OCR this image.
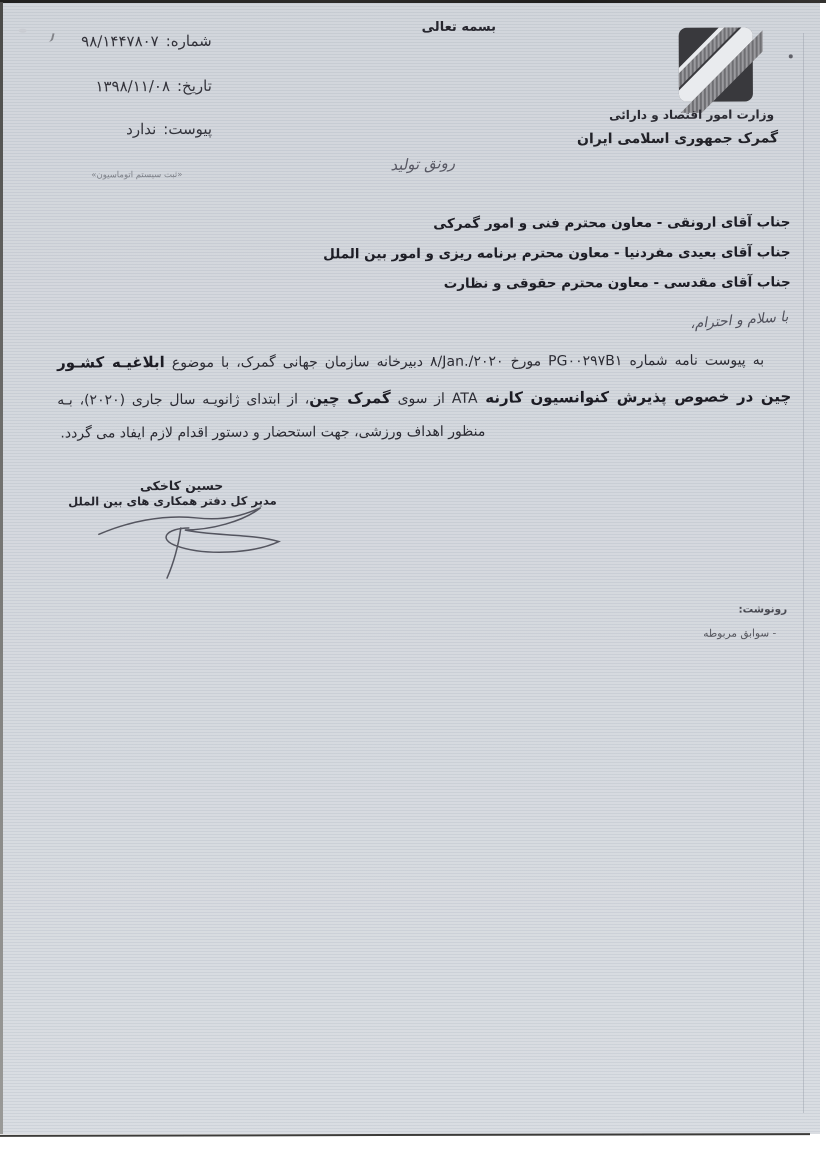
شماره:۹۸/۱۴۴۷۸۰۷
تاریخ:۱۳۹۸/۱۱/۰۸
پیوست:ندارد
«ثبت سیستم اتوماسیون»
بسمه تعالی
وزارت امور اقتصاد و دارائی
گمرک جمهوری اسلامی ایران
رونق تولید
جناب آقای ارونقی - معاون محترم فنی و امور گمرکی
جناب آقای بعیدی مفردنیا - معاون محترم برنامه ریزی و امور بین الملل
جناب آقای مقدسی - معاون محترم حقوقی و نظارت
با سلام و احترام،
به پیوست نامه شماره PG۰۰۲۹۷B۱ مورخ ۸/Jan./۲۰۲۰ دبیرخانه سازمان جهانی گمرک، با موضوع ابلاغیـه کشـور
چین در خصوص پذیرش کنوانسیون کارنه ATA از سوی گمرک چین، از ابتدای ژانویـه سال جاری (۲۰۲۰)، بـه
منظور اهداف ورزشی، جهت استحضار و دستور اقدام لازم ایفاد می گردد.
حسین کاخکی
مدیر کل دفتر همکاری های بین الملل
رونوشت:
- سوابق مربوطه
